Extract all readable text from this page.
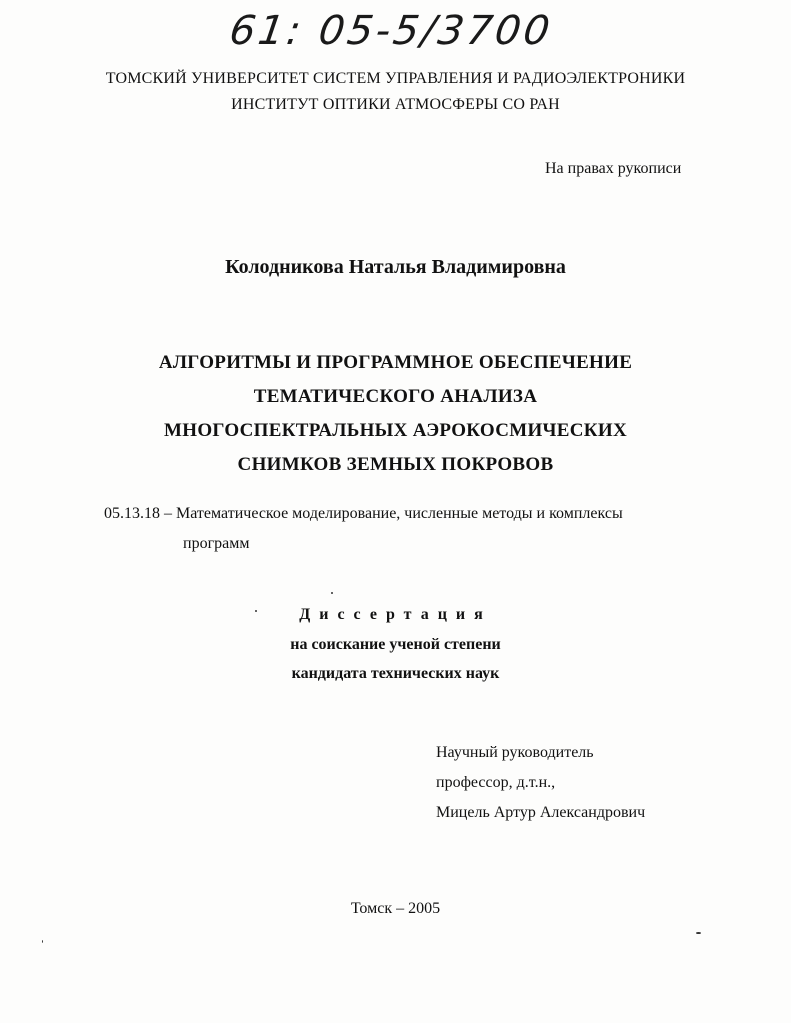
61: 05-5/3700
ТОМСКИЙ УНИВЕРСИТЕТ СИСТЕМ УПРАВЛЕНИЯ И РАДИОЭЛЕКТРОНИКИ
ИНСТИТУТ ОПТИКИ АТМОСФЕРЫ СО РАН
На правах рукописи
Колодникова Наталья Владимировна
АЛГОРИТМЫ И ПРОГРАММНОЕ ОБЕСПЕЧЕНИЕ
ТЕМАТИЧЕСКОГО АНАЛИЗА
МНОГОСПЕКТРАЛЬНЫХ АЭРОКОСМИЧЕСКИХ
СНИМКОВ ЗЕМНЫХ ПОКРОВОВ
05.13.18 – Математическое моделирование, численные методы и комплексы
программ
Диссертация
на соискание ученой степени
кандидата технических наук
Научный руководитель
профессор, д.т.н.,
Мицель Артур Александрович
Томск – 2005
